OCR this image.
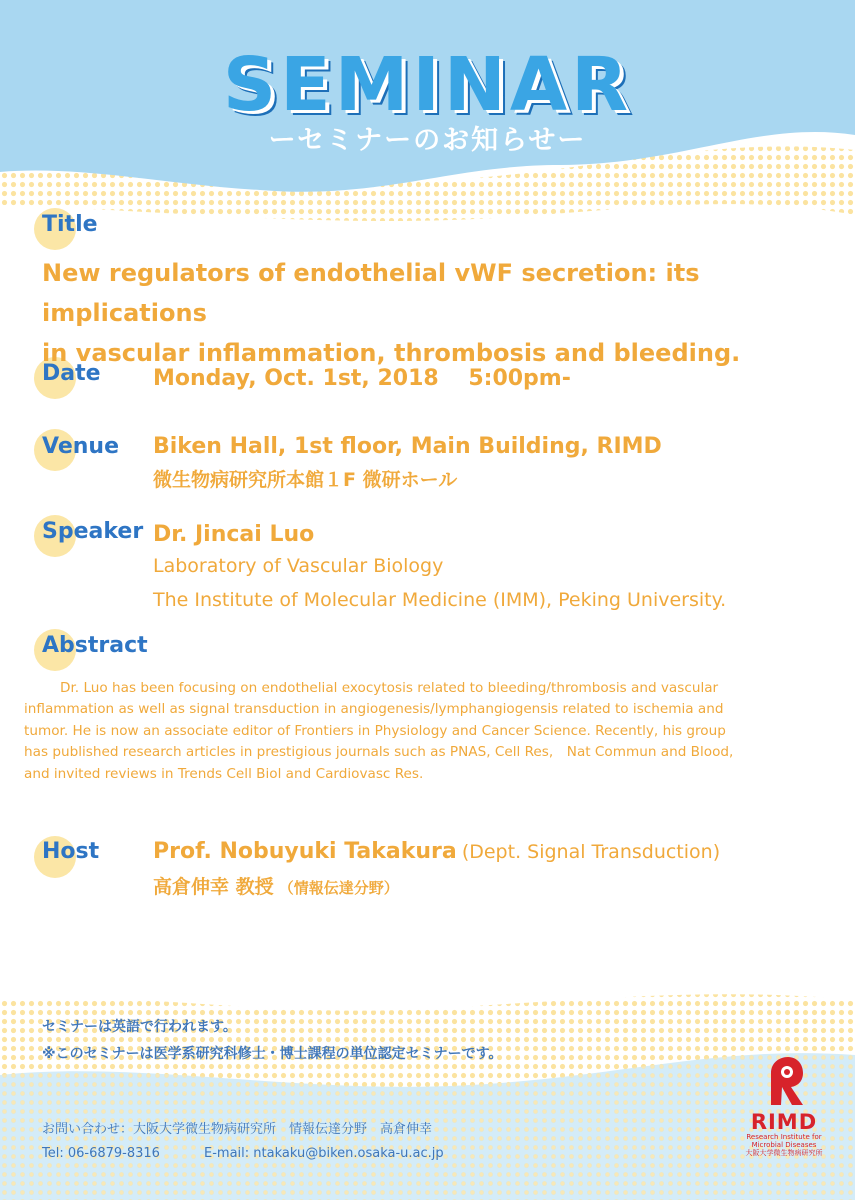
SEMINAR
ーセミナーのお知らせー
Title
New regulators of endothelial vWF secretion: its implications
in vascular inflammation, thrombosis and bleeding.
Date Monday, Oct. 1st, 2018　 5:00pm-
Venue Biken Hall, 1st floor, Main Building, RIMD
微生物病研究所本館１F 微研ホール
Speaker Dr. Jincai Luo
Laboratory of Vascular Biology
The Institute of Molecular Medicine (IMM), Peking University.
Abstract
Dr. Luo has been focusing on endothelial exocytosis related to bleeding/thrombosis and vascular
inflammation as well as signal transduction in angiogenesis/lymphangiogensis related to ischemia and
tumor. He is now an associate editor of Frontiers in Physiology and Cancer Science. Recently, his group
has published research articles in prestigious journals such as PNAS, Cell Res,　Nat Commun and Blood,
and invited reviews in Trends Cell Biol and Cardiovasc Res.
Host Prof. Nobuyuki Takakura (Dept. Signal Transduction)
高倉伸幸 教授 （情報伝達分野）
セミナーは英語で行われます。
※このセミナーは医学系研究科修士・博士課程の単位認定セミナーです。
お問い合わせ：大阪大学微生物病研究所　情報伝達分野　高倉伸幸
Tel: 06-6879-8316	E-mail: ntakaku@biken.osaka-u.ac.jp
RIMD
Research Institute for
Microbial Diseases
大阪大学微生物病研究所
